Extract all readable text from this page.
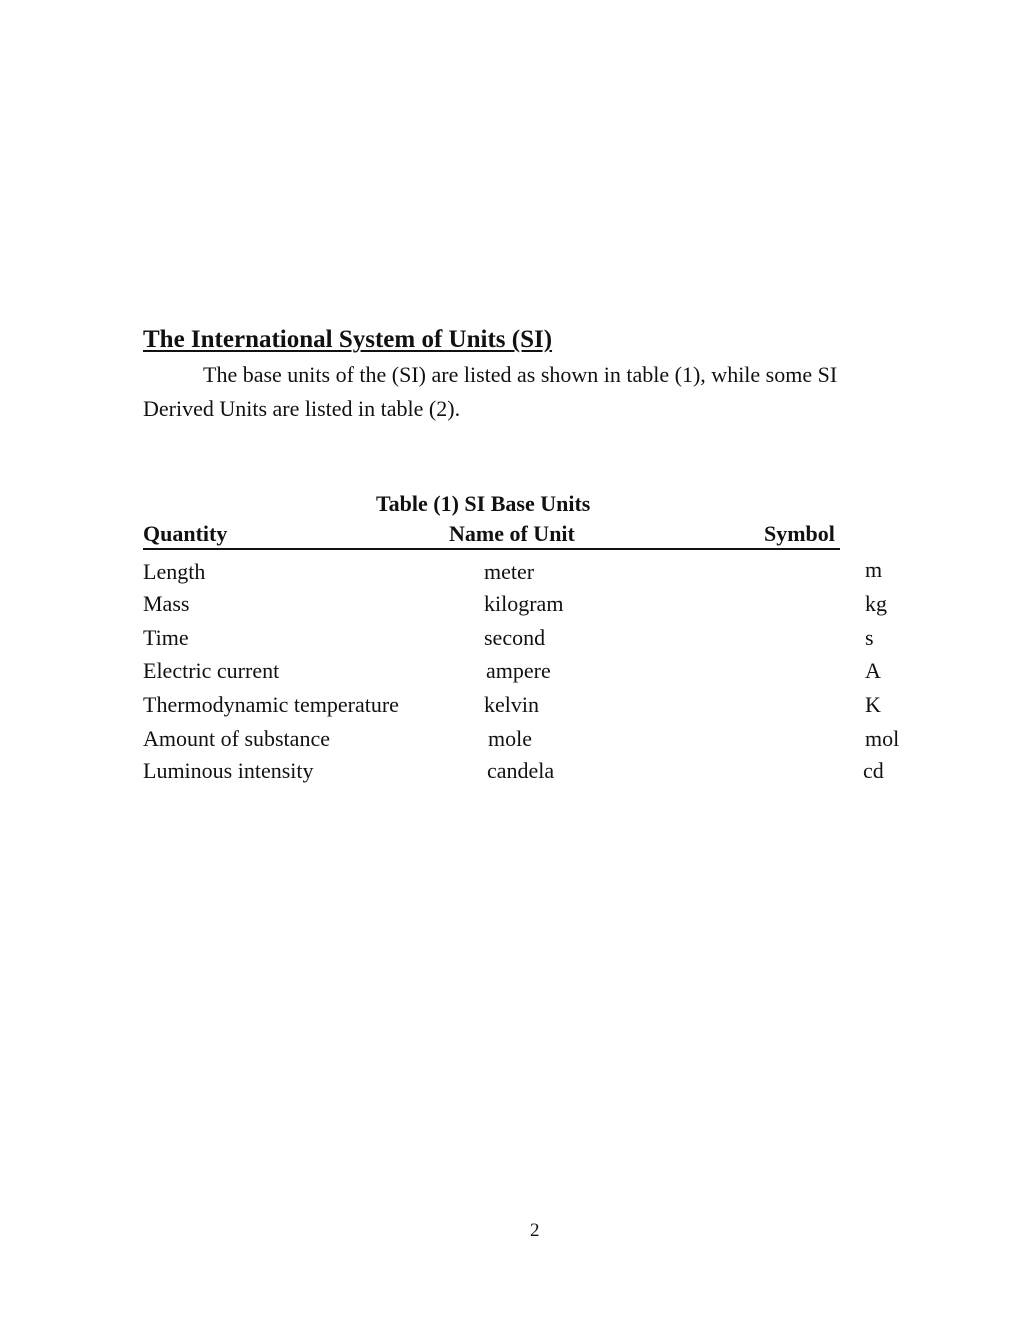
The International System of Units (SI)
The base units of the (SI) are listed as shown in table (1), while some SI
Derived Units are listed in table (2).
Table (1) SI Base Units
Quantity	Name of Unit	Symbol
Length	meter	m
Mass	kilogram	kg
Time	second	s
Electric current	ampere	A
Thermodynamic temperature	kelvin	K
Amount of substance	mole	mol
Luminous intensity	candela	cd
2
